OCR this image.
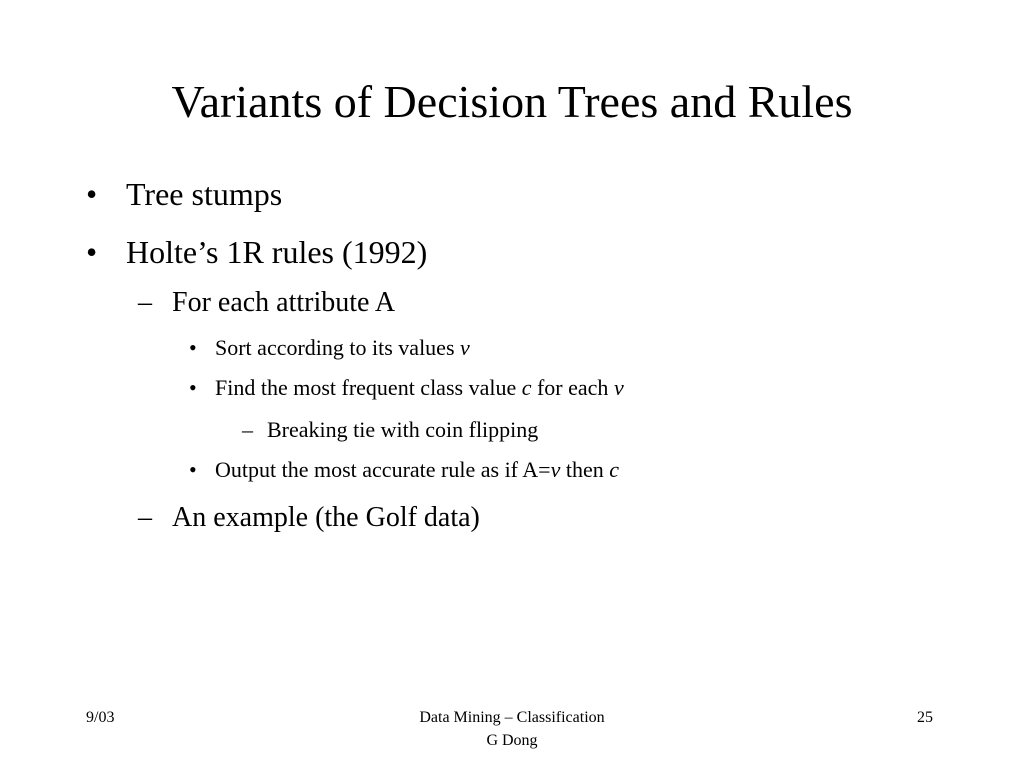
Variants of Decision Trees and Rules
• Tree stumps
• Holte’s 1R rules (1992)
– For each attribute A
• Sort according to its values v
• Find the most frequent class value c for each v
– Breaking tie with coin flipping
• Output the most accurate rule as if A=v then c
– An example (the Golf data)
9/03	Data Mining – Classification
G Dong
25
